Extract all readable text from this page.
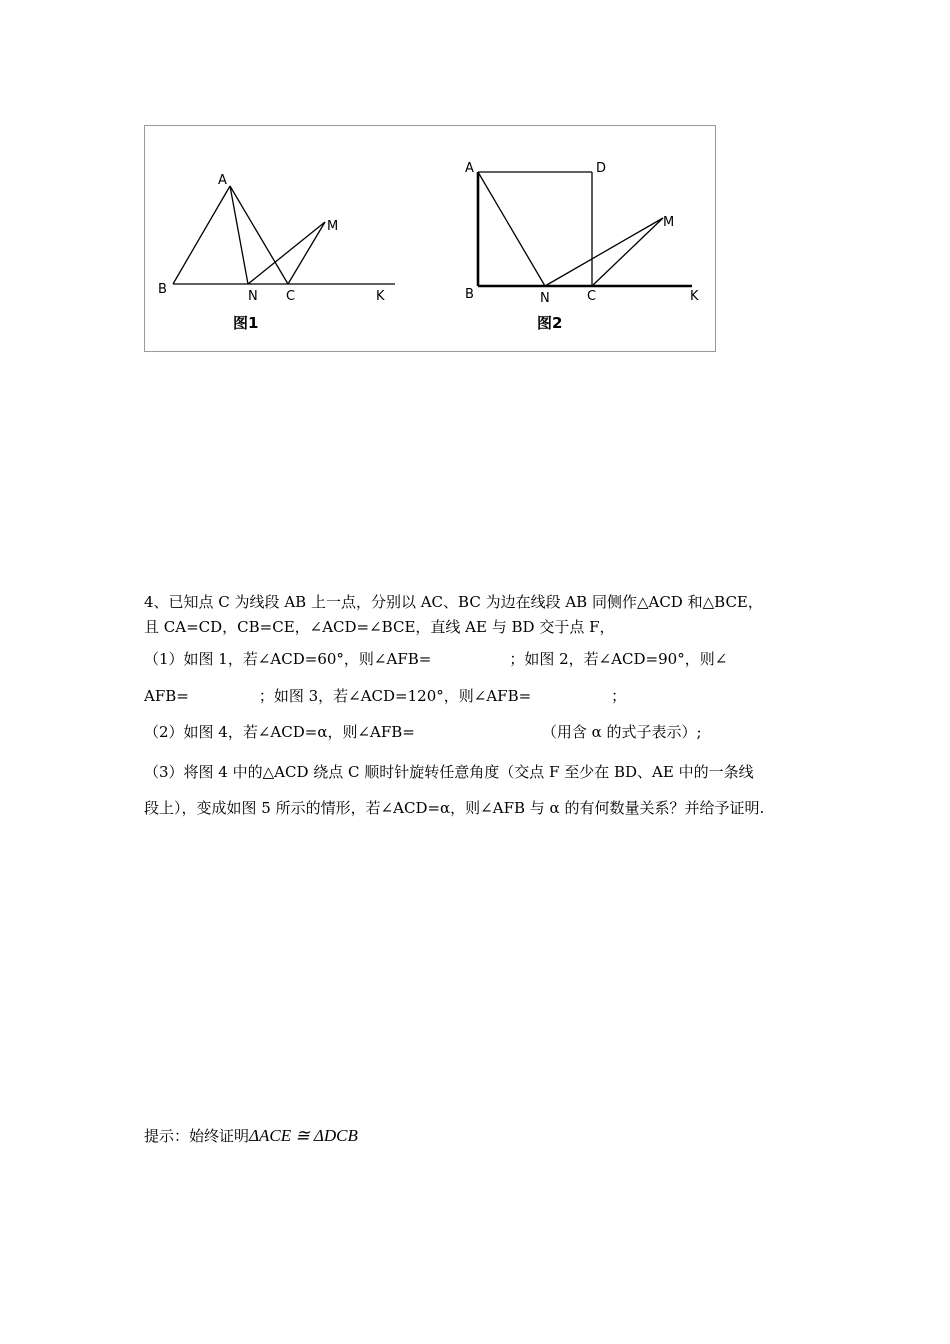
A
B	N C
M
K
图1
A	D
B	N	C
M
K
图2
4、已知点 C 为线段 AB 上一点，分别以 AC、BC 为边在线段 AB 同侧作△ACD 和△BCE，
且 CA=CD，CB=CE，∠ACD=∠BCE，直线 AE 与 BD 交于点 F，
（1）如图 1，若∠ACD=60°，则∠AFB=	；如图 2，若∠ACD=90°，则∠
AFB=	；如图 3，若∠ACD=120°，则∠AFB=	；
（2）如图 4，若∠ACD=α，则∠AFB=	（用含 α 的式子表示）;
（3）将图 4 中的△ACD 绕点 C 顺时针旋转任意角度（交点 F 至少在 BD、AE 中的一条线
段上），变成如图 5 所示的情形，若∠ACD=α，则∠AFB 与 α 的有何数量关系？并给予证明.
提示：始终证明ΔACE ≅ ΔDCB
